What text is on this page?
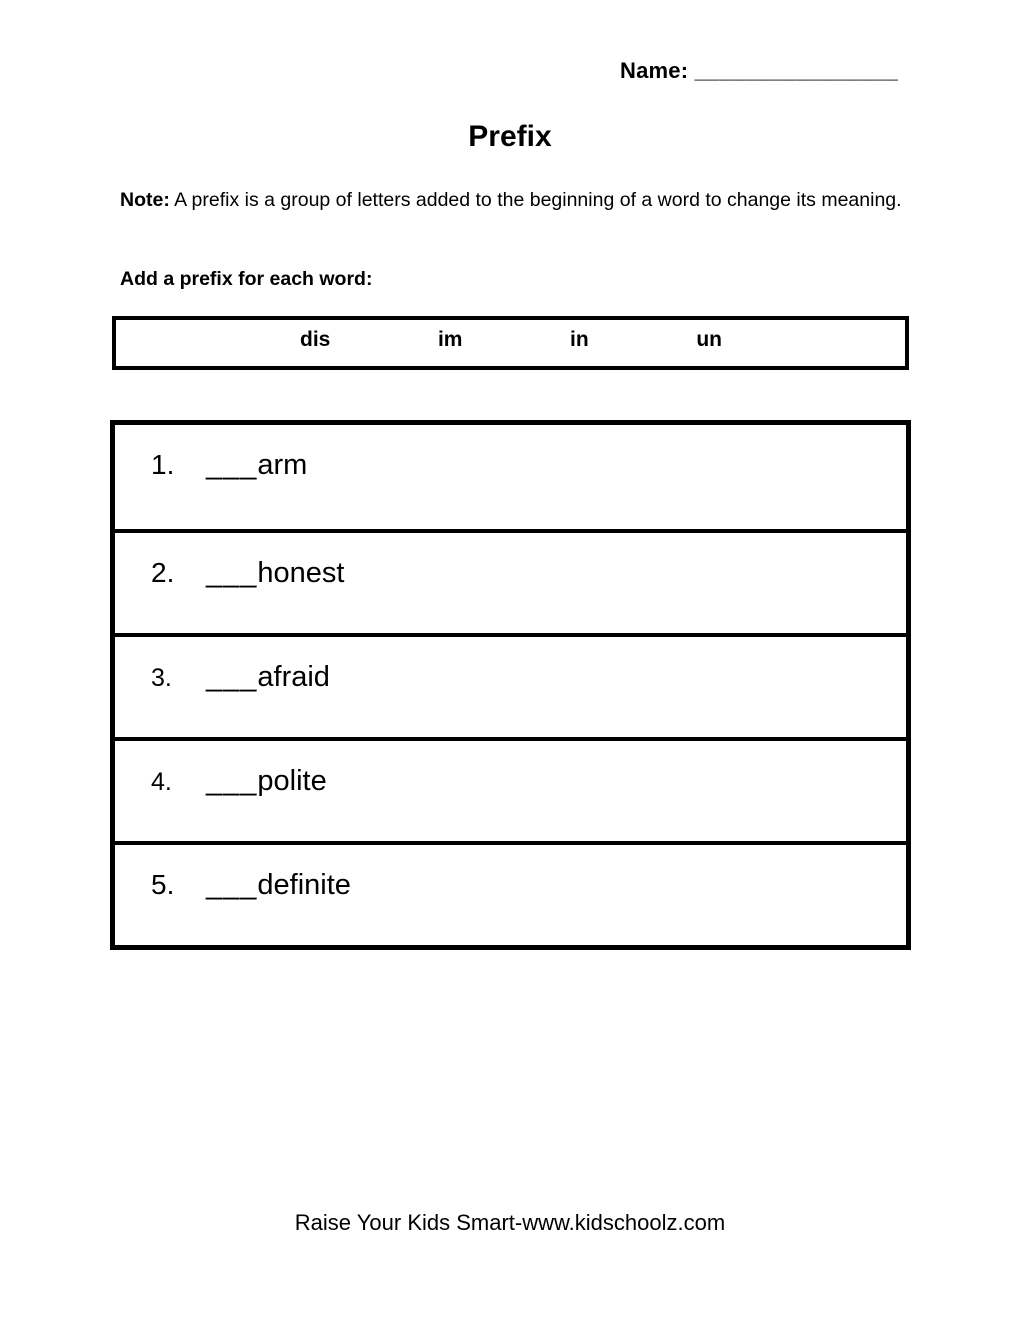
Name: ________________
Prefix

Note: A prefix is a group of letters added to the beginning of a word to change its meaning.

Add a prefix for each word:
dis	im	in	un
1.	___arm
2.	___honest
3.	___afraid
4.	___polite
5.	___definite
Raise Your Kids Smart-www.kidschoolz.com
